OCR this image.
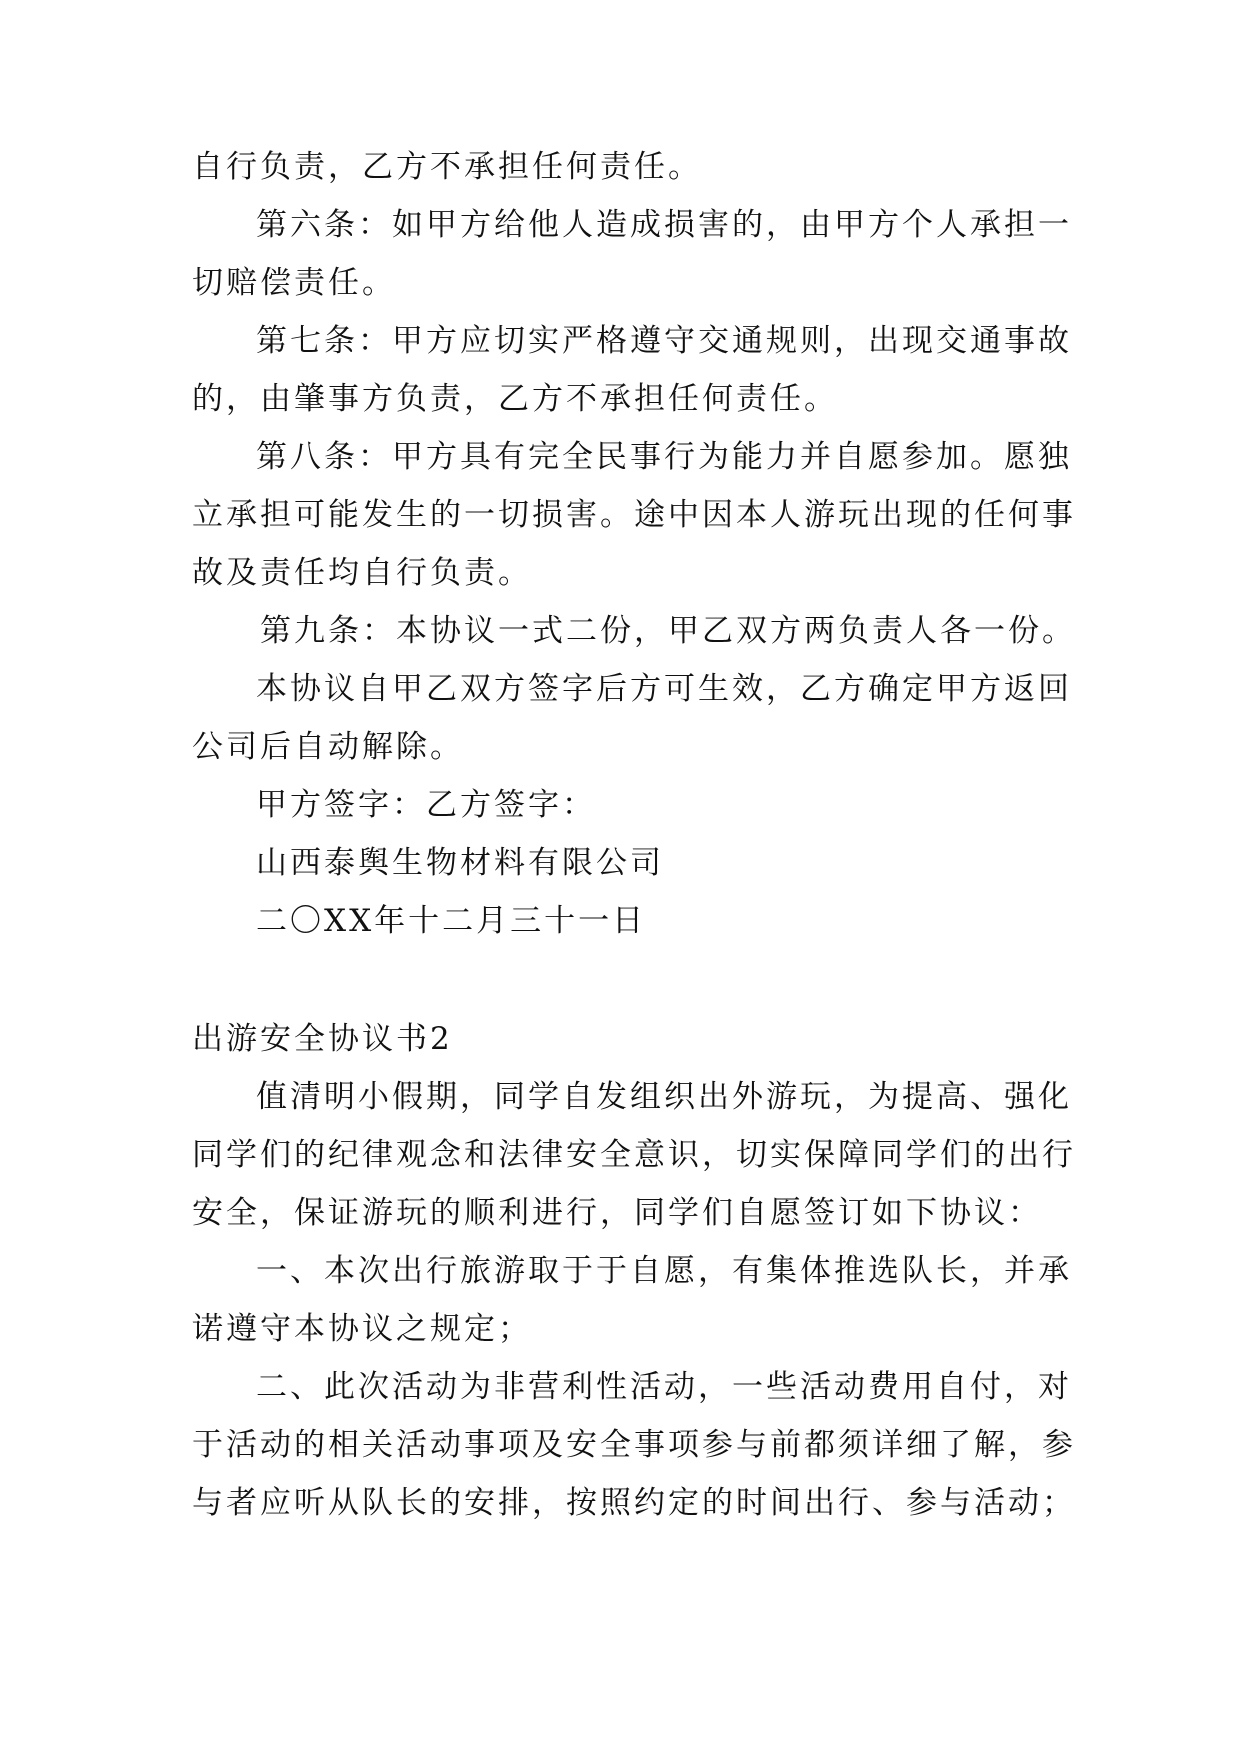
自行负责，乙方不承担任何责任。
第六条：如甲方给他人造成损害的，由甲方个人承担一
切赔偿责任。
第七条：甲方应切实严格遵守交通规则，出现交通事故
的，由肇事方负责，乙方不承担任何责任。
第八条：甲方具有完全民事行为能力并自愿参加。愿独
立承担可能发生的一切损害。途中因本人游玩出现的任何事
故及责任均自行负责。
第九条：本协议一式二份，甲乙双方两负责人各一份。
本协议自甲乙双方签字后方可生效，乙方确定甲方返回
公司后自动解除。
甲方签字：乙方签字：
山西泰舆生物材料有限公司
二〇XX年十二月三十一日
出游安全协议书2
值清明小假期，同学自发组织出外游玩，为提高、强化
同学们的纪律观念和法律安全意识，切实保障同学们的出行
安全，保证游玩的顺利进行，同学们自愿签订如下协议：
一、本次出行旅游取于于自愿，有集体推选队长，并承
诺遵守本协议之规定；
二、此次活动为非营利性活动，一些活动费用自付，对
于活动的相关活动事项及安全事项参与前都须详细了解，参
与者应听从队长的安排，按照约定的时间出行、参与活动；
